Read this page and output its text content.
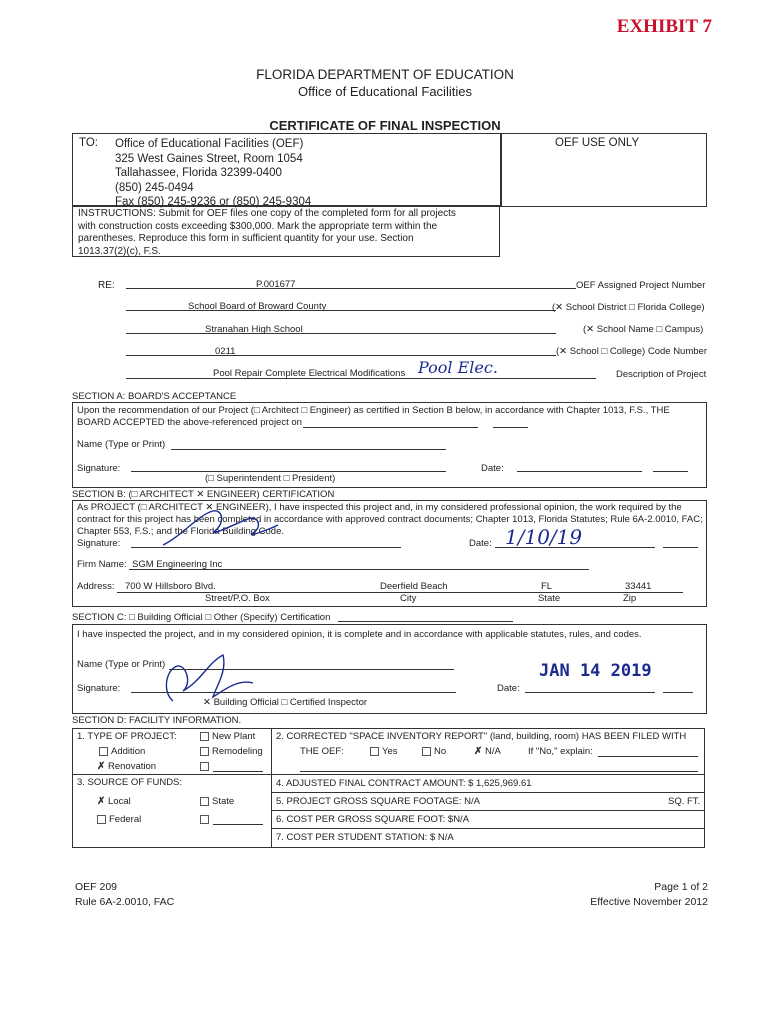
EXHIBIT 7
FLORIDA DEPARTMENT OF EDUCATION
Office of Educational Facilities
CERTIFICATE OF FINAL INSPECTION
TO: Office of Educational Facilities (OEF)
325 West Gaines Street, Room 1054
Tallahassee, Florida 32399-0400
(850) 245-0494
Fax (850) 245-9236 or (850) 245-9304
OEF USE ONLY
INSTRUCTIONS: Submit for OEF files one copy of the completed form for all projects
with construction costs exceeding $300,000. Mark the appropriate term within the
parentheses. Reproduce this form in sufficient quantity for your use. Section
1013.37(2)(c), F.S.
RE:	P.001677	OEF Assigned Project Number
School Board of Broward County	(✕ School District □ Florida College)
Stranahan High School	(✕ School Name □ Campus)
0211	(✕ School □ College) Code Number
Pool Repair Complete Electrical Modifications Pool Elec.	Description of Project
SECTION A: BOARD'S ACCEPTANCE
Upon the recommendation of our Project (□ Architect □ Engineer) as certified in Section B below, in accordance with Chapter 1013, F.S., THE
BOARD ACCEPTED the above-referenced project on
Name (Type or Print)
Signature:	Date:
(□ Superintendent □ President)
SECTION B: (□ ARCHITECT ✕ ENGINEER) CERTIFICATION
As PROJECT (□ ARCHITECT ✕ ENGINEER), I have inspected this project and, in my considered professional opinion, the work required by the
contract for this project has been completed in accordance with approved contract documents; Chapter 1013, Florida Statutes; Rule 6A-2.0010, FAC;
Chapter 553, F.S.; and the Florida Building Code.
Signature:	Date: 1/10/19
Firm Name: SGM Engineering Inc
Address: 700 W Hillsboro Blvd.	Deerfield Beach	FL	33441
Street/P.O. Box	City	State	Zip
SECTION C: □ Building Official □ Other (Specify) Certification
I have inspected the project, and in my considered opinion, it is complete and in accordance with applicable statutes, rules, and codes.
Name (Type or Print)
Signature:	Date:
JAN 14 2019
✕ Building Official □ Certified Inspector
SECTION D: FACILITY INFORMATION.
1. TYPE OF PROJECT:	New Plant
Addition	Remodeling
✗ Renovation
3. SOURCE OF FUNDS:
✗ Local	State
Federal
2. CORRECTED "SPACE INVENTORY REPORT" (land, building, room) HAS BEEN FILED WITH
THE OEF:	Yes	No	✗ N/A	If "No," explain:
4. ADJUSTED FINAL CONTRACT AMOUNT: $ 1,625,969.61
5. PROJECT GROSS SQUARE FOOTAGE: N/A	SQ. FT.
6. COST PER GROSS SQUARE FOOT: $N/A
7. COST PER STUDENT STATION: $ N/A
OEF 209
Rule 6A-2.0010, FAC
Page 1 of 2
Effective November 2012
